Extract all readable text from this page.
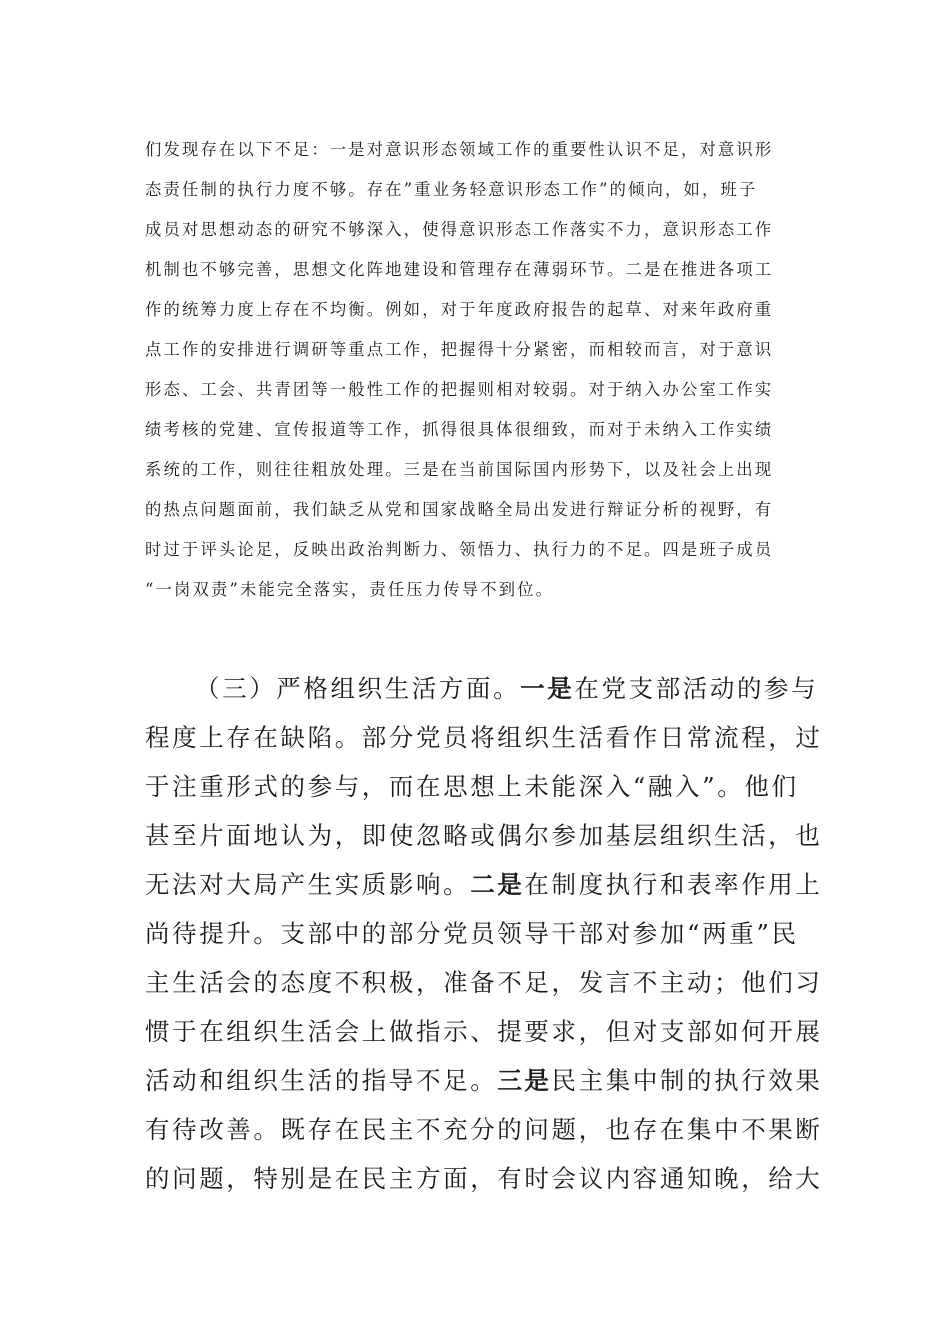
们发现存在以下不足：一是对意识形态领域工作的重要性认识不足，对意识形
态责任制的执行力度不够。存在”重业务轻意识形态工作”的倾向，如，班子
成员对思想动态的研究不够深入，使得意识形态工作落实不力，意识形态工作
机制也不够完善，思想文化阵地建设和管理存在薄弱环节。二是在推进各项工
作的统筹力度上存在不均衡。例如，对于年度政府报告的起草、对来年政府重
点工作的安排进行调研等重点工作，把握得十分紧密，而相较而言，对于意识
形态、工会、共青团等一般性工作的把握则相对较弱。对于纳入办公室工作实
绩考核的党建、宣传报道等工作，抓得很具体很细致，而对于未纳入工作实绩
系统的工作，则往往粗放处理。三是在当前国际国内形势下，以及社会上出现
的热点问题面前，我们缺乏从党和国家战略全局出发进行辩证分析的视野，有
时过于评头论足，反映出政治判断力、领悟力、执行力的不足。四是班子成员
“一岗双责”未能完全落实，责任压力传导不到位。
（三）严格组织生活方面。一是在党支部活动的参与
程度上存在缺陷。部分党员将组织生活看作日常流程，过
于注重形式的参与，而在思想上未能深入“融入”。他们
甚至片面地认为，即使忽略或偶尔参加基层组织生活，也
无法对大局产生实质影响。二是在制度执行和表率作用上
尚待提升。支部中的部分党员领导干部对参加“两重”民
主生活会的态度不积极，准备不足，发言不主动；他们习
惯于在组织生活会上做指示、提要求，但对支部如何开展
活动和组织生活的指导不足。三是民主集中制的执行效果
有待改善。既存在民主不充分的问题，也存在集中不果断
的问题，特别是在民主方面，有时会议内容通知晚，给大
